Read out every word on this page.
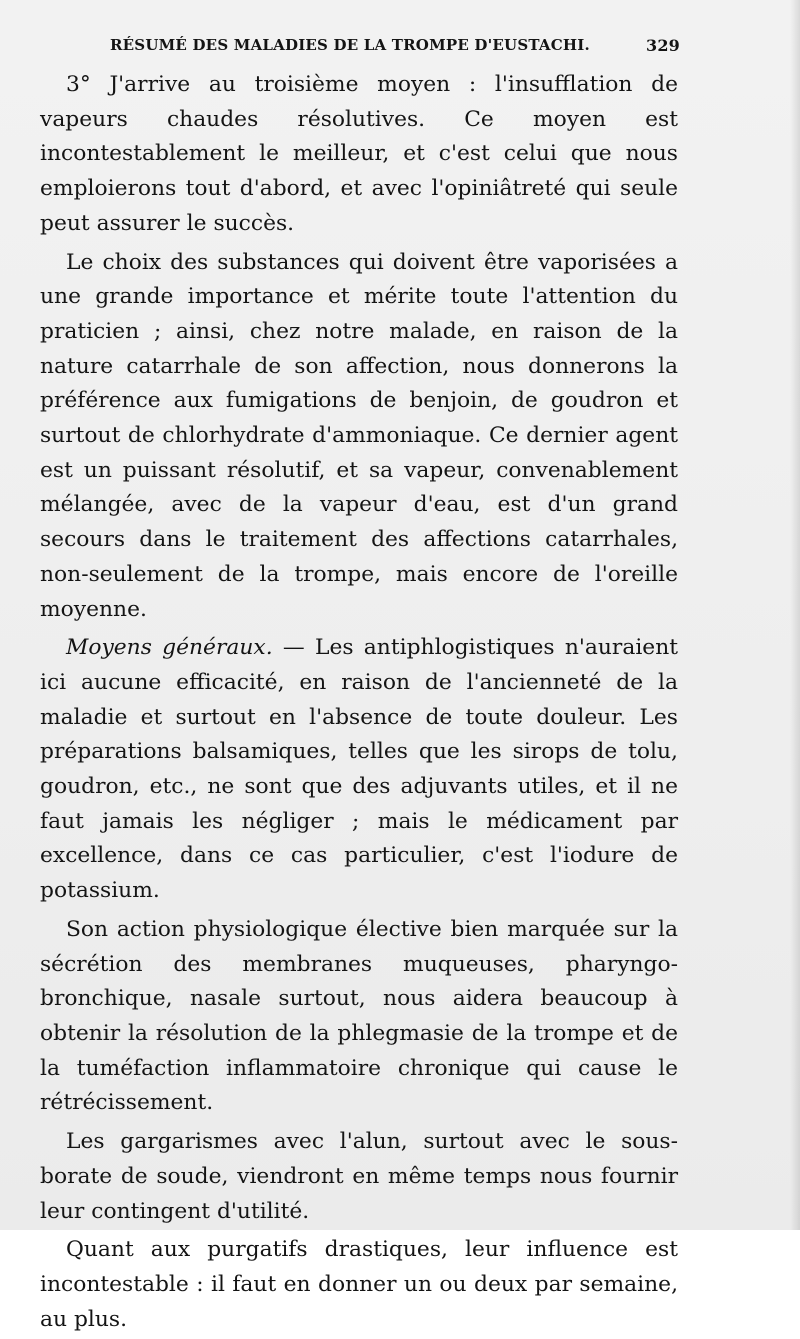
RÉSUMÉ DES MALADIES DE LA TROMPE D'EUSTACHI.	329

3° J'arrive au troisième moyen : l'insufflation de vapeurs chaudes résolutives. Ce moyen est incontestablement le meilleur, et c'est celui que nous emploierons tout d'abord, et avec l'opiniâtreté qui seule peut assurer le succès.

Le choix des substances qui doivent être vaporisées a une grande importance et mérite toute l'attention du praticien ; ainsi, chez notre malade, en raison de la nature catarrhale de son affection, nous donnerons la préférence aux fumigations de benjoin, de goudron et surtout de chlorhydrate d'ammoniaque. Ce dernier agent est un puissant résolutif, et sa vapeur, convenablement mélangée, avec de la vapeur d'eau, est d'un grand secours dans le traitement des affections catarrhales, non-seulement de la trompe, mais encore de l'oreille moyenne.

Moyens généraux. — Les antiphlogistiques n'auraient ici aucune efficacité, en raison de l'ancienneté de la maladie et surtout en l'absence de toute douleur. Les préparations balsamiques, telles que les sirops de tolu, goudron, etc., ne sont que des adjuvants utiles, et il ne faut jamais les négliger ; mais le médicament par excellence, dans ce cas particulier, c'est l'iodure de potassium.

Son action physiologique élective bien marquée sur la sécrétion des membranes muqueuses, pharyngo-bronchique, nasale surtout, nous aidera beaucoup à obtenir la résolution de la phlegmasie de la trompe et de la tuméfaction inflammatoire chronique qui cause le rétrécissement.

Les gargarismes avec l'alun, surtout avec le sous-borate de soude, viendront en même temps nous fournir leur contingent d'utilité.

Quant aux purgatifs drastiques, leur influence est incontestable : il faut en donner un ou deux par semaine, au plus.
